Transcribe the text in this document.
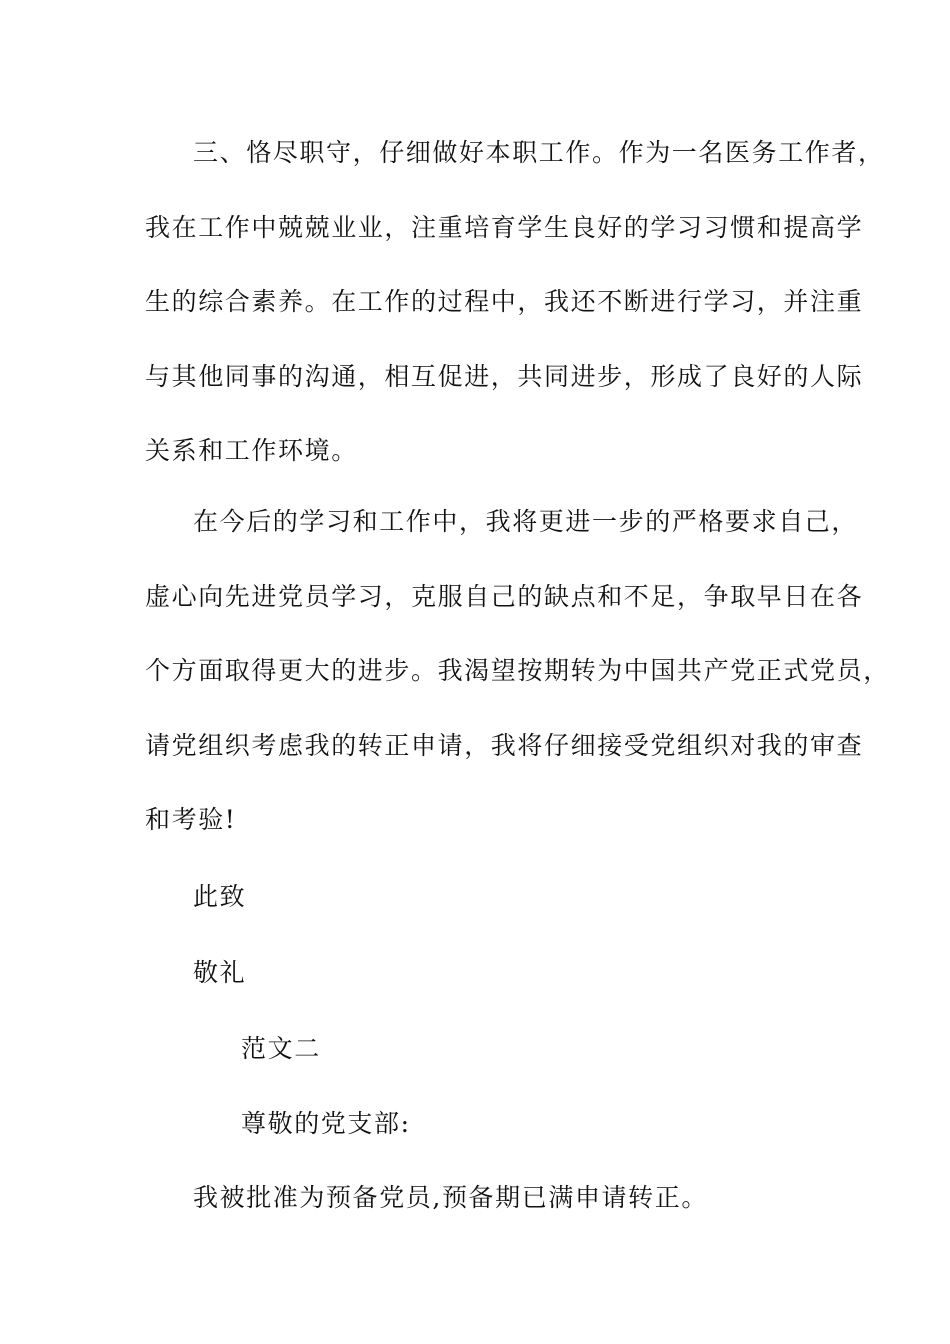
三、恪尽职守，仔细做好本职工作。作为一名医务工作者，
我在工作中兢兢业业，注重培育学生良好的学习习惯和提高学
生的综合素养。在工作的过程中，我还不断进行学习，并注重
与其他同事的沟通，相互促进，共同进步，形成了良好的人际
关系和工作环境。
在今后的学习和工作中，我将更进一步的严格要求自己，
虚心向先进党员学习，克服自己的缺点和不足，争取早日在各
个方面取得更大的进步。我渴望按期转为中国共产党正式党员，
请党组织考虑我的转正申请，我将仔细接受党组织对我的审查
和考验!
此致
敬礼
范文二
尊敬的党支部:
我被批准为预备党员,预备期已满申请转正。
